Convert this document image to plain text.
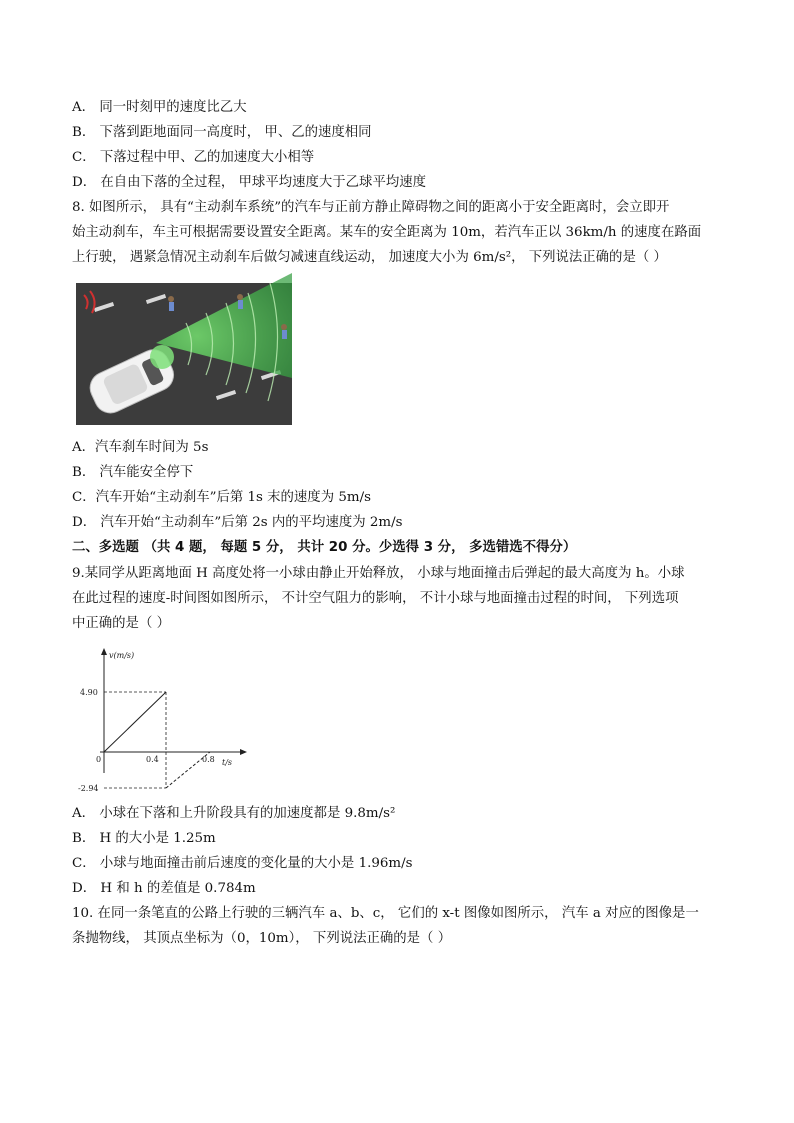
A． 同一时刻甲的速度比乙大
B． 下落到距地面同一高度时， 甲、乙的速度相同
C． 下落过程中甲、乙的加速度大小相等
D． 在自由下落的全过程， 甲球平均速度大于乙球平均速度
8. 如图所示， 具有“主动刹车系统”的汽车与正前方静止障碍物之间的距离小于安全距离时，会立即开
始主动刹车，车主可根据需要设置安全距离。某车的安全距离为 10m，若汽车正以 36km/h 的速度在路面
上行驶， 遇紧急情况主动刹车后做匀减速直线运动， 加速度大小为 6m/s²， 下列说法正确的是（ ）
A．汽车刹车时间为 5s
B． 汽车能安全停下
C．汽车开始“主动刹车”后第 1s 末的速度为 5m/s
D． 汽车开始“主动刹车”后第 2s 内的平均速度为 2m/s
二、多选题 （共 4 题， 每题 5 分， 共计 20 分。少选得 3 分， 多选错选不得分）
9.某同学从距离地面 H 高度处将一小球由静止开始释放， 小球与地面撞击后弹起的最大高度为 h。小球
在此过程的速度-时间图如图所示， 不计空气阻力的影响， 不计小球与地面撞击过程的时间， 下列选项
中正确的是（ ）
v(m/s)
t/s
4.90
0
-2.94
0.4	0.8
A． 小球在下落和上升阶段具有的加速度都是 9.8m/s²
B． H 的大小是 1.25m
C． 小球与地面撞击前后速度的变化量的大小是 1.96m/s
D． H 和 h 的差值是 0.784m
10. 在同一条笔直的公路上行驶的三辆汽车 a、b、c， 它们的 x-t 图像如图所示， 汽车 a 对应的图像是一
条抛物线， 其顶点坐标为（0，10m）， 下列说法正确的是（ ）
